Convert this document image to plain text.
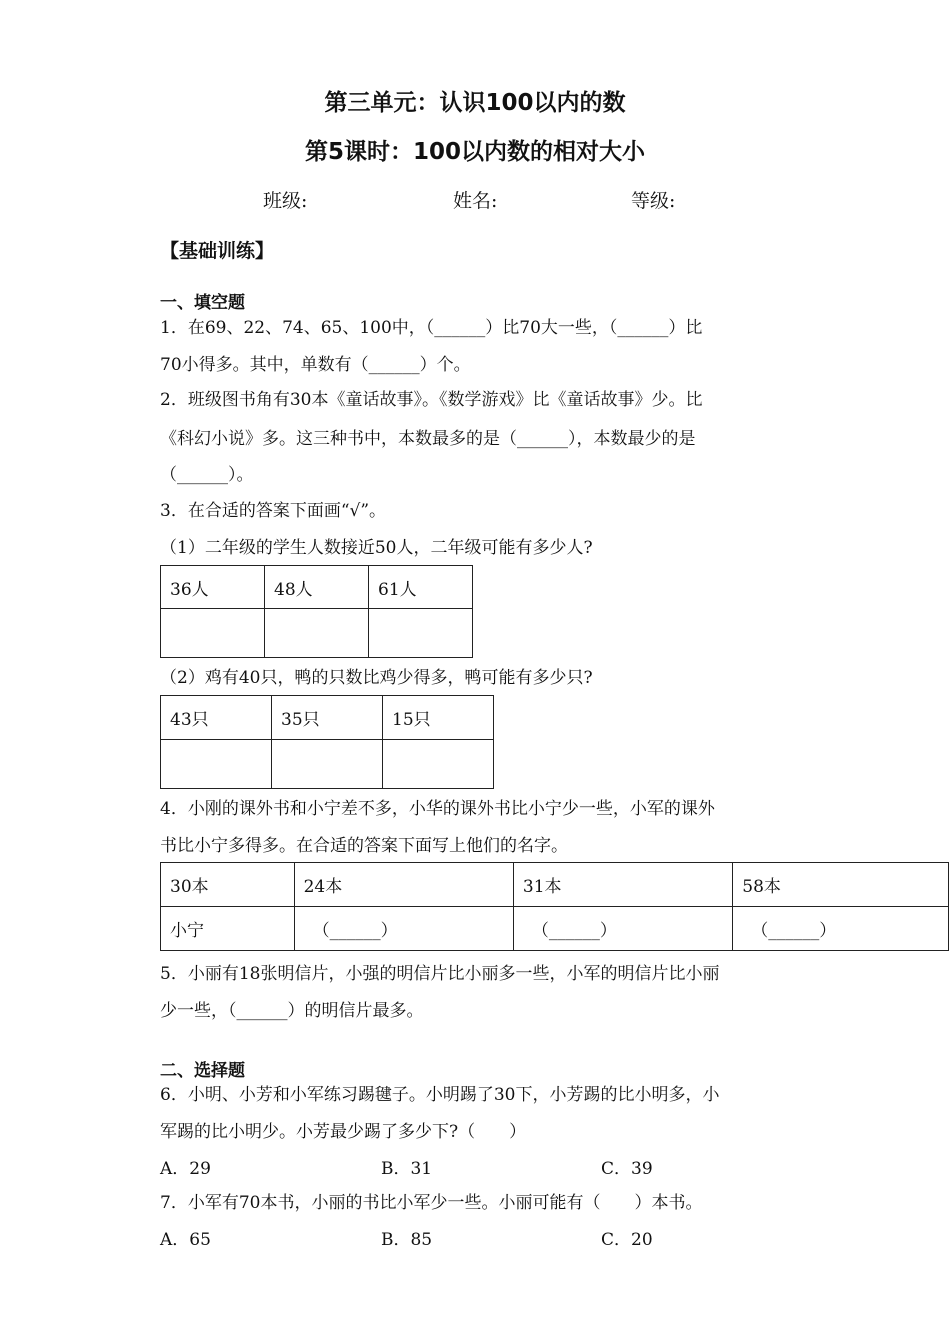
第三单元：认识100以内的数
第5课时：100以内数的相对大小
班级:	姓名:	等级:
【基础训练】
一、填空题
1．在69、22、74、65、100中，（______）比70大一些，（______）比
70小得多。其中，单数有（______）个。
2．班级图书角有30本《童话故事》。《数学游戏》比《童话故事》少。比
《科幻小说》多。这三种书中，本数最多的是（______），本数最少的是
（______）。
3．在合适的答案下面画“√”。
（1）二年级的学生人数接近50人，二年级可能有多少人?
36人	48人	61人

（2）鸡有40只，鸭的只数比鸡少得多，鸭可能有多少只?
43只	35只	15只

4．小刚的课外书和小宁差不多，小华的课外书比小宁少一些，小军的课外
书比小宁多得多。在合适的答案下面写上他们的名字。
30本	24本	31本	58本
小宁	（______）	（______）	（______）
5．小丽有18张明信片，小强的明信片比小丽多一些，小军的明信片比小丽
少一些，（______）的明信片最多。
二、选择题
6．小明、小芳和小军练习踢毽子。小明踢了30下，小芳踢的比小明多，小
军踢的比小明少。小芳最少踢了多少下?（　　）
A．29	B．31	C．39
7．小军有70本书，小丽的书比小军少一些。小丽可能有（　　）本书。
A．65	B．85	C．20
